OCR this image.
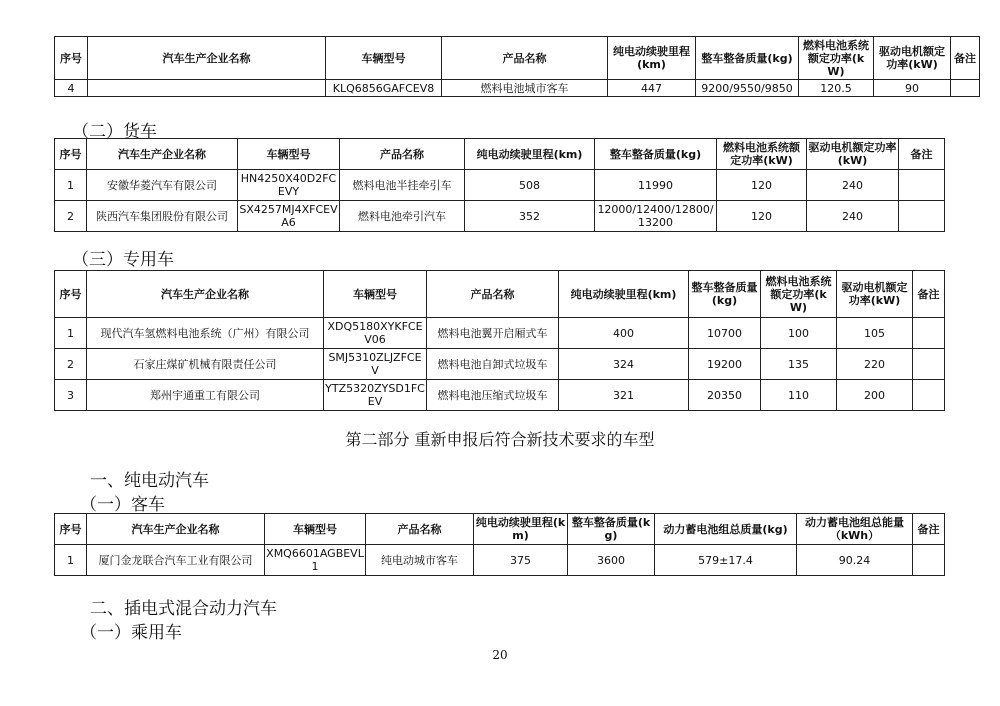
序号	汽车生产企业名称	车辆型号	产品名称	纯电动续驶里程(km)	整车整备质量(kg)	燃料电池系统额定功率(kW)	驱动电机额定功率(kW)	备注
4		KLQ6856GAFCEV8	燃料电池城市客车	447	9200/9550/9850	120.5	90	
（二）货车
序号	汽车生产企业名称	车辆型号	产品名称	纯电动续驶里程(km)	整车整备质量(kg)	燃料电池系统额定功率(kW)	驱动电机额定功率(kW)	备注
1	安徽华菱汽车有限公司	HN4250X40D2FCEVY	燃料电池半挂牵引车	508	11990	120	240	
2	陕西汽车集团股份有限公司	SX4257MJ4XFCEVA6	燃料电池牵引汽车	352	12000/12400/12800/13200	120	240	
（三）专用车
序号	汽车生产企业名称	车辆型号	产品名称	纯电动续驶里程(km)	整车整备质量(kg)	燃料电池系统额定功率(kW)	驱动电机额定功率(kW)	备注
1	现代汽车氢燃料电池系统（广州）有限公司	XDQ5180XYKFCEV06	燃料电池翼开启厢式车	400	10700	100	105	
2	石家庄煤矿机械有限责任公司	SMJ5310ZLJZFCEV	燃料电池自卸式垃圾车	324	19200	135	220	
3	郑州宇通重工有限公司	YTZ5320ZYSD1FCEV	燃料电池压缩式垃圾车	321	20350	110	200	
第二部分 重新申报后符合新技术要求的车型
一、纯电动汽车
（一）客车
序号	汽车生产企业名称	车辆型号	产品名称	纯电动续驶里程(km)	整车整备质量(kg)	动力蓄电池组总质量(kg)	动力蓄电池组总能量（kWh）	备注
1	厦门金龙联合汽车工业有限公司	XMQ6601AGBEVL1	纯电动城市客车	375	3600	579±17.4	90.24	
二、插电式混合动力汽车
（一）乘用车
20
